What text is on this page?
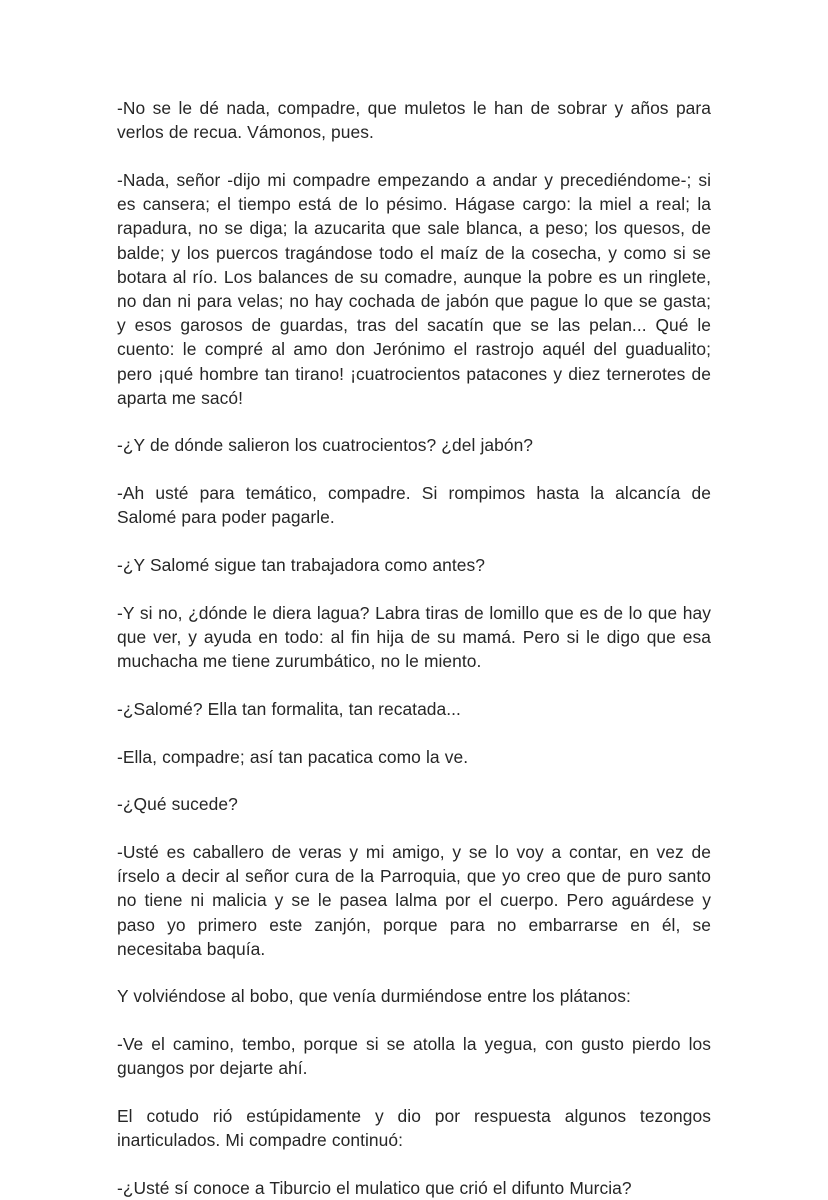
-No se le dé nada, compadre, que muletos le han de sobrar y años para verlos de recua. Vámonos, pues.

-Nada, señor -dijo mi compadre empezando a andar y precediéndome-; si es cansera; el tiempo está de lo pésimo. Hágase cargo: la miel a real; la rapadura, no se diga; la azucarita que sale blanca, a peso; los quesos, de balde; y los puercos tragándose todo el maíz de la cosecha, y como si se botara al río. Los balances de su comadre, aunque la pobre es un ringlete, no dan ni para velas; no hay cochada de jabón que pague lo que se gasta; y esos garosos de guardas, tras del sacatín que se las pelan... Qué le cuento: le compré al amo don Jerónimo el rastrojo aquél del guadualito; pero ¡qué hombre tan tirano! ¡cuatrocientos patacones y diez ternerotes de aparta me sacó!

-¿Y de dónde salieron los cuatrocientos? ¿del jabón?

-Ah usté para temático, compadre. Si rompimos hasta la alcancía de Salomé para poder pagarle.

-¿Y Salomé sigue tan trabajadora como antes?

-Y si no, ¿dónde le diera lagua? Labra tiras de lomillo que es de lo que hay que ver, y ayuda en todo: al fin hija de su mamá. Pero si le digo que esa muchacha me tiene zurumbático, no le miento.

-¿Salomé? Ella tan formalita, tan recatada...

-Ella, compadre; así tan pacatica como la ve.

-¿Qué sucede?

-Usté es caballero de veras y mi amigo, y se lo voy a contar, en vez de írselo a decir al señor cura de la Parroquia, que yo creo que de puro santo no tiene ni malicia y se le pasea lalma por el cuerpo. Pero aguárdese y paso yo primero este zanjón, porque para no embarrarse en él, se necesitaba baquía.

Y volviéndose al bobo, que venía durmiéndose entre los plátanos:

-Ve el camino, tembo, porque si se atolla la yegua, con gusto pierdo los guangos por dejarte ahí.

El cotudo rió estúpidamente y dio por respuesta algunos tezongos inarticulados. Mi compadre continuó:

-¿Usté sí conoce a Tiburcio el mulatico que crió el difunto Murcia?
